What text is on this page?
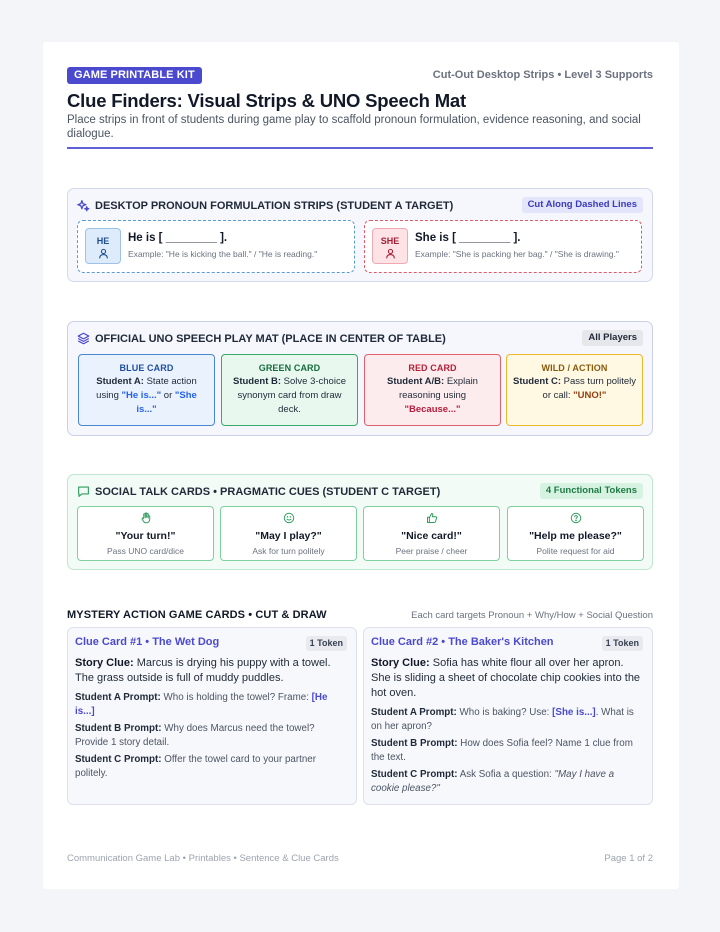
GAME PRINTABLE KIT	Cut-Out Desktop Strips • Level 3 Supports
Clue Finders: Visual Strips & UNO Speech Mat
Place strips in front of students during game play to scaffold pronoun formulation, evidence reasoning, and social dialogue.
DESKTOP PRONOUN FORMULATION STRIPS (STUDENT A TARGET)	Cut Along Dashed Lines
HE	He is [ ________ ].
Example: "He is kicking the ball." / "He is reading."
SHE	She is [ ________ ].
Example: "She is packing her bag." / "She is drawing."
OFFICIAL UNO SPEECH PLAY MAT (PLACE IN CENTER OF TABLE)	All Players
BLUE CARD
Student A: State action using "He is..." or "She is..."
GREEN CARD
Student B: Solve 3-choice synonym card from draw deck.
RED CARD
Student A/B: Explain reasoning using "Because..."
WILD / ACTION
Student C: Pass turn politely or call: "UNO!"
SOCIAL TALK CARDS • PRAGMATIC CUES (STUDENT C TARGET)	4 Functional Tokens
"Your turn!"
Pass UNO card/dice
"May I play?"
Ask for turn politely
"Nice card!"
Peer praise / cheer
"Help me please?"
Polite request for aid
MYSTERY ACTION GAME CARDS • CUT & DRAW	Each card targets Pronoun + Why/How + Social Question
Clue Card #1 • The Wet Dog	1 Token
Story Clue: Marcus is drying his puppy with a towel. The grass outside is full of muddy puddles.
Student A Prompt: Who is holding the towel? Frame: [He is...]
Student B Prompt: Why does Marcus need the towel? Provide 1 story detail.
Student C Prompt: Offer the towel card to your partner politely.
Clue Card #2 • The Baker's Kitchen	1 Token
Story Clue: Sofia has white flour all over her apron. She is sliding a sheet of chocolate chip cookies into the hot oven.
Student A Prompt: Who is baking? Use: [She is...]. What is on her apron?
Student B Prompt: How does Sofia feel? Name 1 clue from the text.
Student C Prompt: Ask Sofia a question: "May I have a cookie please?"
Communication Game Lab • Printables • Sentence & Clue Cards	Page 1 of 2
